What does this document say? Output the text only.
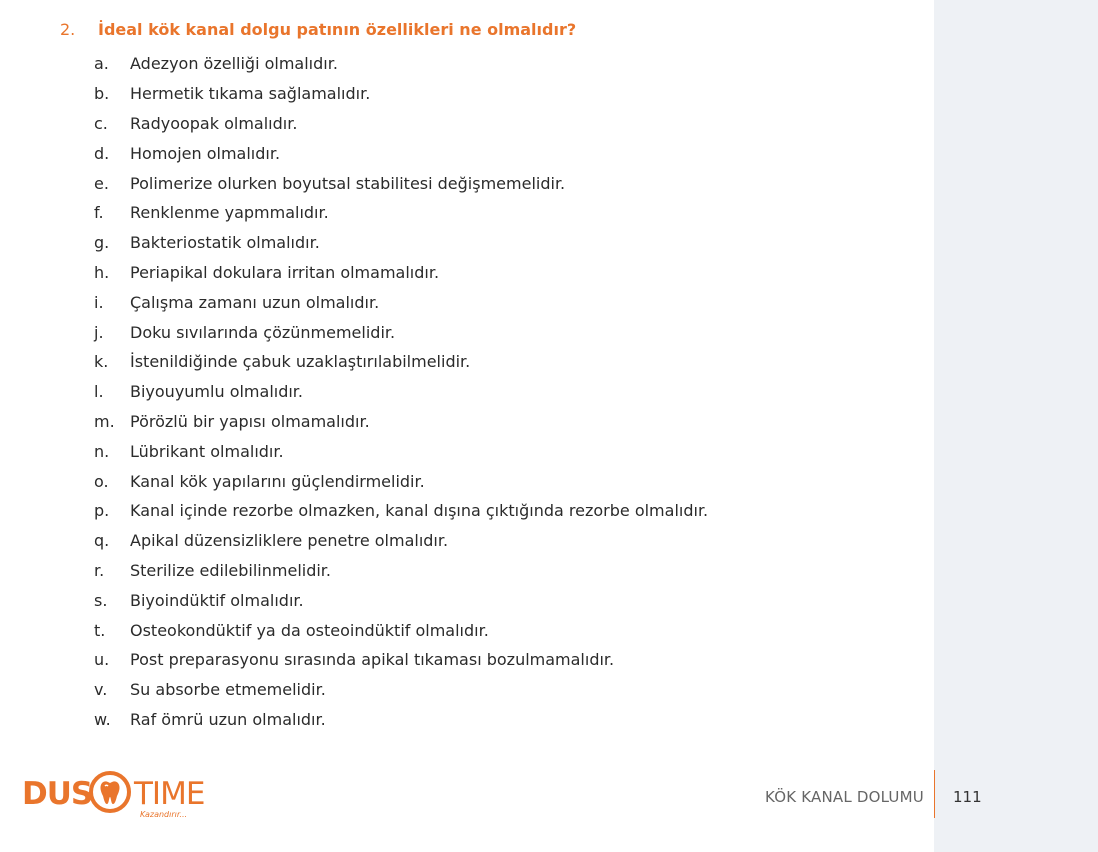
2.	İdeal kök kanal dolgu patının özellikleri ne olmalıdır?
a.	Adezyon özelliği olmalıdır.
b.	Hermetik tıkama sağlamalıdır.
c.	Radyoopak olmalıdır.
d.	Homojen olmalıdır.
e.	Polimerize olurken boyutsal stabilitesi değişmemelidir.
f.	Renklenme yapmmalıdır.
g.	Bakteriostatik olmalıdır.
h.	Periapikal dokulara irritan olmamalıdır.
i.	Çalışma zamanı uzun olmalıdır.
j.	Doku sıvılarında çözünmemelidir.
k.	İstenildiğinde çabuk uzaklaştırılabilmelidir.
l.	Biyouyumlu olmalıdır.
m. Pörözlü bir yapısı olmamalıdır.
n.	Lübrikant olmalıdır.
o.	Kanal kök yapılarını güçlendirmelidir.
p.	Kanal içinde rezorbe olmazken, kanal dışına çıktığında rezorbe olmalıdır.
q.	Apikal düzensizliklere penetre olmalıdır.
r.	Sterilize edilebilinmelidir.
s.	Biyoindüktif olmalıdır.
t.	Osteokondüktif ya da osteoindüktif olmalıdır.
u.	Post preparasyonu sırasında apikal tıkaması bozulmamalıdır.
v.	Su absorbe etmemelidir.
w.	Raf ömrü uzun olmalıdır.
DUS TIME
Kazandırır...
KÖK KANAL DOLUMU 111
